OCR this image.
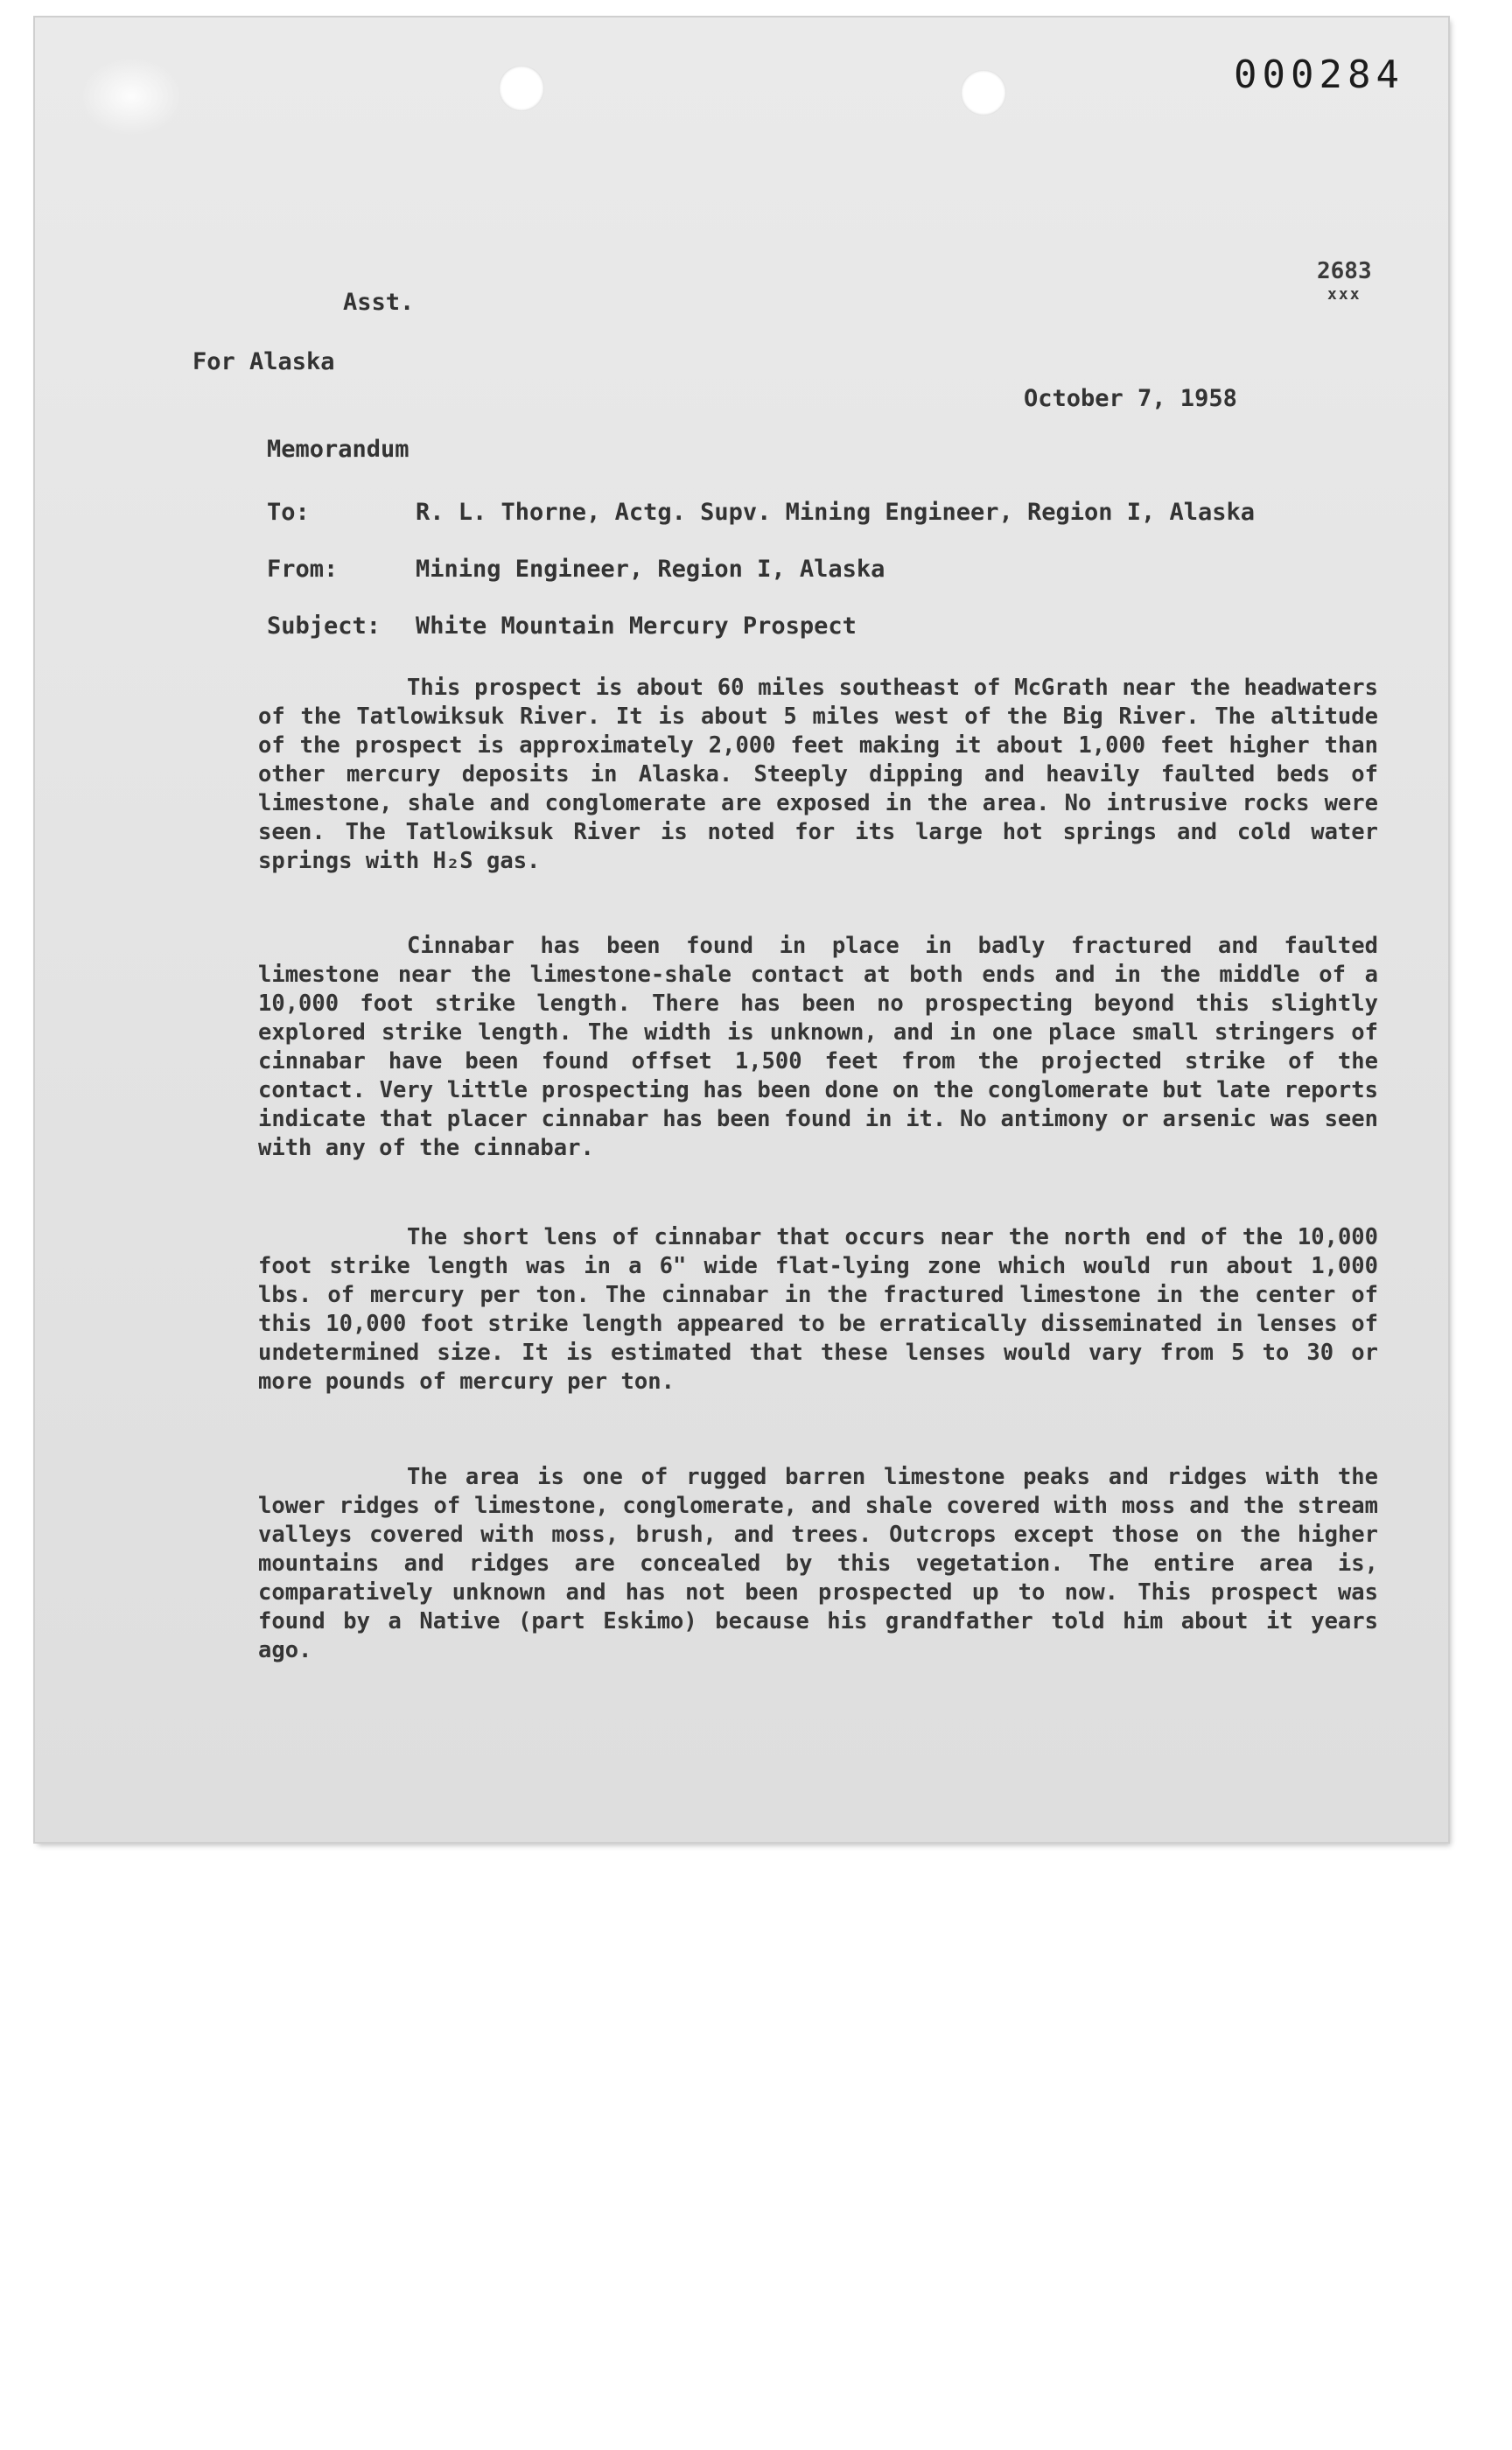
000284
2683
xxx
Asst.
For Alaska
October 7, 1958
Memorandum
To:	R. L. Thorne, Actg. Supv. Mining Engineer, Region I, Alaska
From:	Mining Engineer, Region I, Alaska
Subject: White Mountain Mercury Prospect

This prospect is about 60 miles southeast of McGrath near the headwaters of the Tatlowiksuk River. It is about 5 miles west of the Big River. The altitude of the prospect is approximately 2,000 feet making it about 1,000 feet higher than other mercury deposits in Alaska. Steeply dipping and heavily faulted beds of limestone, shale and conglomerate are exposed in the area. No intrusive rocks were seen. The Tatlowiksuk River is noted for its large hot springs and cold water springs with H₂S gas.

Cinnabar has been found in place in badly fractured and faulted limestone near the limestone-shale contact at both ends and in the middle of a 10,000 foot strike length. There has been no prospecting beyond this slightly explored strike length. The width is unknown, and in one place small stringers of cinnabar have been found offset 1,500 feet from the projected strike of the contact. Very little prospecting has been done on the conglomerate but late reports indicate that placer cinnabar has been found in it. No antimony or arsenic was seen with any of the cinnabar.

The short lens of cinnabar that occurs near the north end of the 10,000 foot strike length was in a 6" wide flat-lying zone which would run about 1,000 lbs. of mercury per ton. The cinnabar in the fractured limestone in the center of this 10,000 foot strike length appeared to be erratically disseminated in lenses of undetermined size. It is estimated that these lenses would vary from 5 to 30 or more pounds of mercury per ton.

The area is one of rugged barren limestone peaks and ridges with the lower ridges of limestone, conglomerate, and shale covered with moss and the stream valleys covered with moss, brush, and trees. Outcrops except those on the higher mountains and ridges are concealed by this vegetation. The entire area is, comparatively unknown and has not been prospected up to now. This prospect was found by a Native (part Eskimo) because his grandfather told him about it years ago.
